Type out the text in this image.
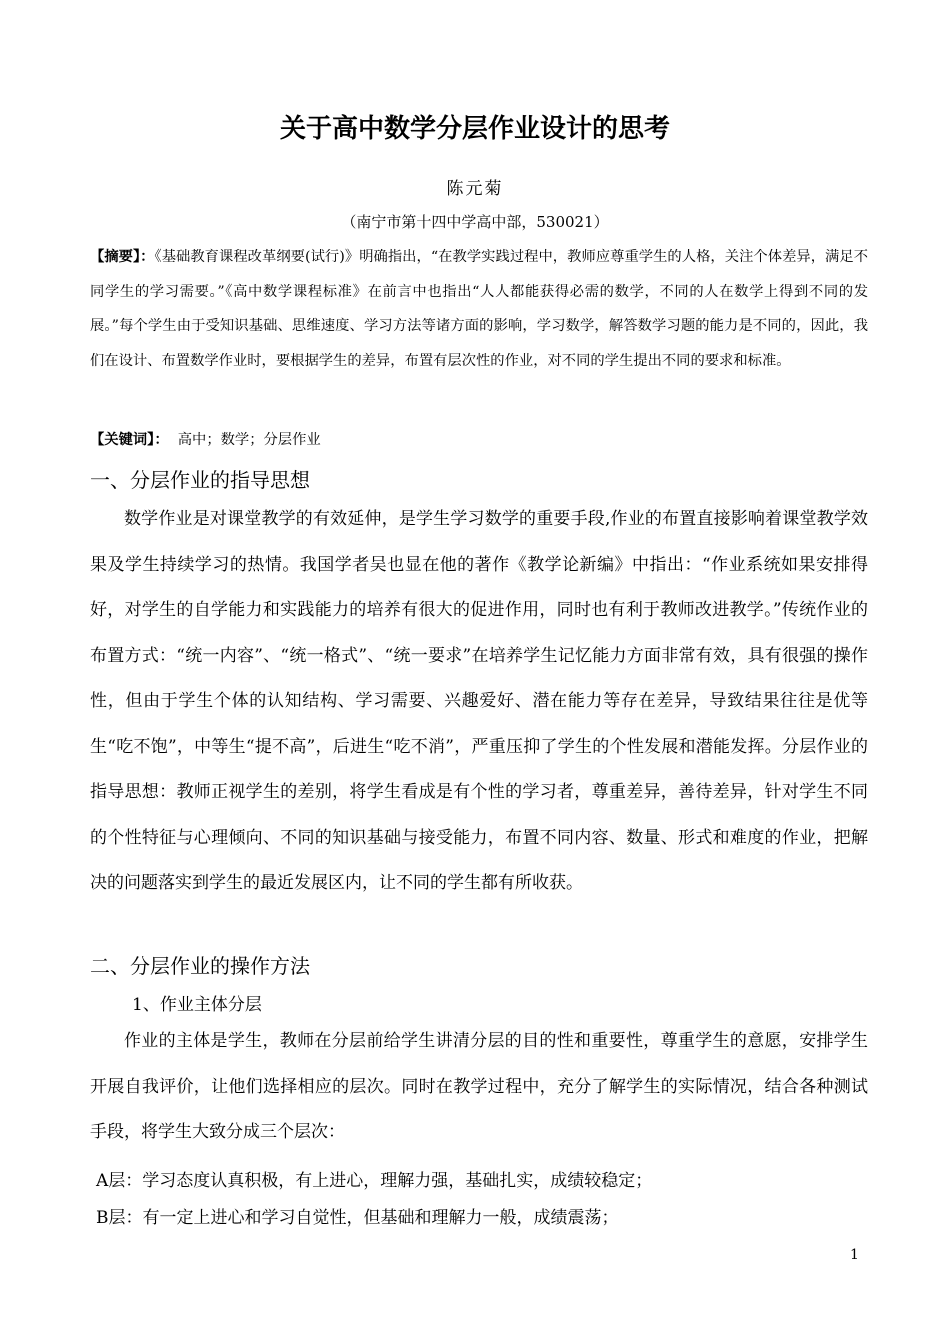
关于高中数学分层作业设计的思考
陈元菊
（南宁市第十四中学高中部，530021）
【摘要】：《基础教育课程改革纲要(试行)》明确指出，“在教学实践过程中，教师应尊重学生的人格，关注个体差异，满足不同学生的学习需要。”《高中数学课程标准》在前言中也指出“人人都能获得必需的数学，不同的人在数学上得到不同的发展。”每个学生由于受知识基础、思维速度、学习方法等诸方面的影响，学习数学，解答数学习题的能力是不同的，因此，我们在设计、布置数学作业时，要根据学生的差异，布置有层次性的作业，对不同的学生提出不同的要求和标准。
【关键词】： 高中；数学；分层作业
一、分层作业的指导思想
数学作业是对课堂教学的有效延伸，是学生学习数学的重要手段,作业的布置直接影响着课堂教学效果及学生持续学习的热情。我国学者吴也显在他的著作《教学论新编》中指出：“作业系统如果安排得好，对学生的自学能力和实践能力的培养有很大的促进作用，同时也有利于教师改进教学。”传统作业的布置方式：“统一内容”、“统一格式”、“统一要求”在培养学生记忆能力方面非常有效，具有很强的操作性，但由于学生个体的认知结构、学习需要、兴趣爱好、潜在能力等存在差异，导致结果往往是优等生“吃不饱”，中等生“提不高”，后进生“吃不消”，严重压抑了学生的个性发展和潜能发挥。分层作业的指导思想：教师正视学生的差别，将学生看成是有个性的学习者，尊重差异，善待差异，针对学生不同的个性特征与心理倾向、不同的知识基础与接受能力，布置不同内容、数量、形式和难度的作业，把解决的问题落实到学生的最近发展区内，让不同的学生都有所收获。
二、分层作业的操作方法
1、作业主体分层
作业的主体是学生，教师在分层前给学生讲清分层的目的性和重要性，尊重学生的意愿，安排学生开展自我评价，让他们选择相应的层次。同时在教学过程中，充分了解学生的实际情况，结合各种测试手段，将学生大致分成三个层次：
A层：学习态度认真积极，有上进心，理解力强，基础扎实，成绩较稳定；
B层：有一定上进心和学习自觉性，但基础和理解力一般，成绩震荡；
1
